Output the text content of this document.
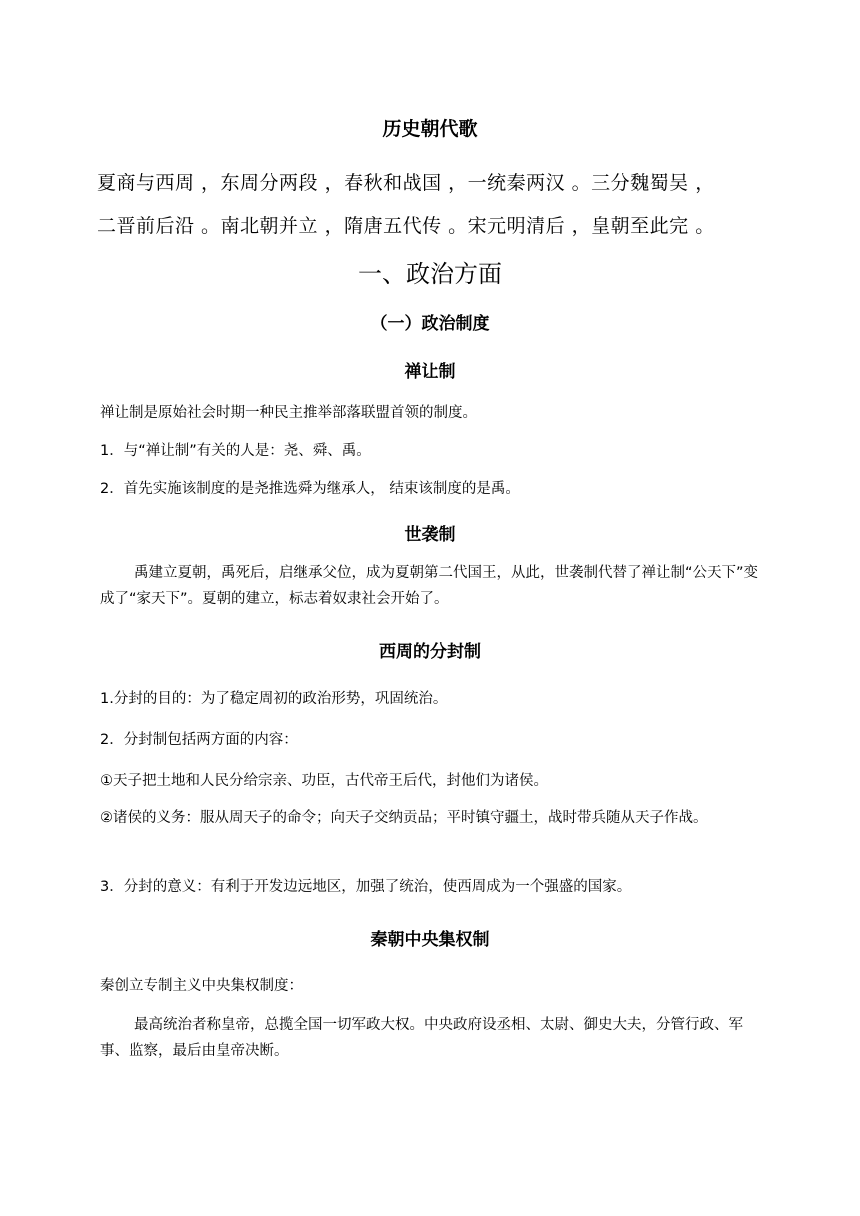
历史朝代歌
夏商与西周 ，东周分两段 ，春秋和战国 ，一统秦两汉 。三分魏蜀吴 ，
二晋前后沿 。南北朝并立 ，隋唐五代传 。宋元明清后 ，皇朝至此完 。
一、政治方面
（一）政治制度
禅让制
禅让制是原始社会时期一种民主推举部落联盟首领的制度。
1．与“禅让制”有关的人是：尧、舜、禹。
2．首先实施该制度的是尧推选舜为继承人， 结束该制度的是禹。
世袭制
禹建立夏朝，禹死后，启继承父位，成为夏朝第二代国王，从此，世袭制代替了禅让制“公天下”变成了“家天下”。夏朝的建立，标志着奴隶社会开始了。
西周的分封制
1.分封的目的：为了稳定周初的政治形势，巩固统治。
2．分封制包括两方面的内容：
①天子把土地和人民分给宗亲、功臣，古代帝王后代，封他们为诸侯。
②诸侯的义务：服从周天子的命令；向天子交纳贡品；平时镇守疆土，战时带兵随从天子作战。
3．分封的意义：有利于开发边远地区，加强了统治，使西周成为一个强盛的国家。
秦朝中央集权制
秦创立专制主义中央集权制度：
最高统治者称皇帝，总揽全国一切军政大权。中央政府设丞相、太尉、御史大夫，分管行政、军事、监察，最后由皇帝决断。
